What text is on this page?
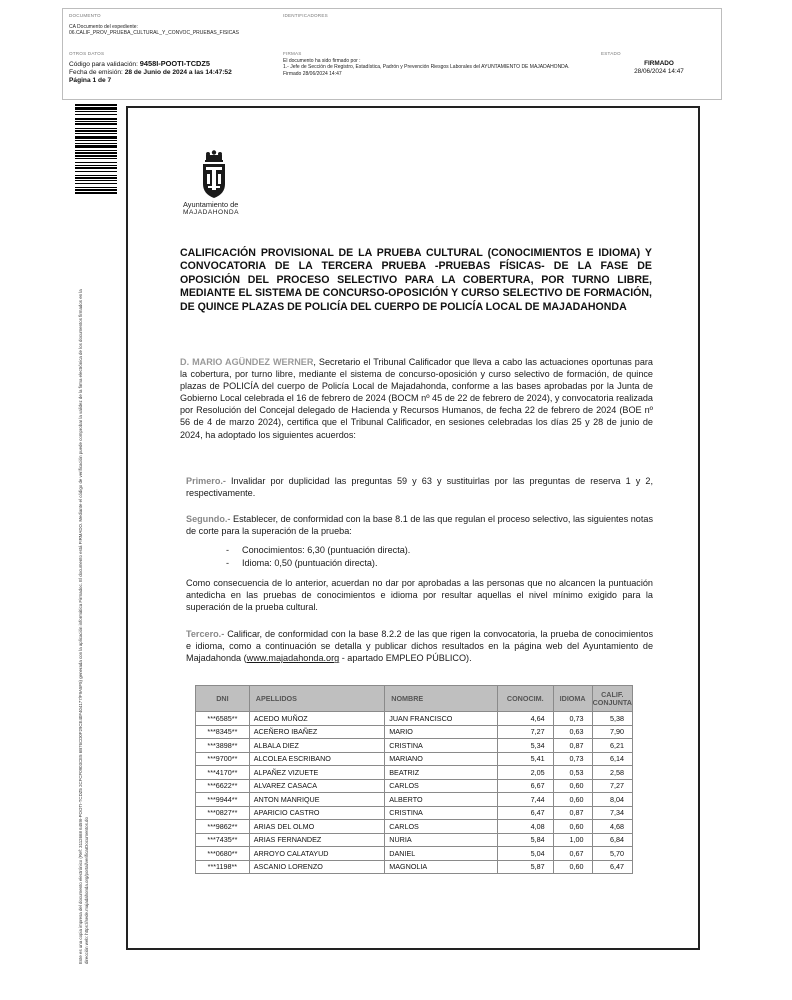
DOCUMENTO
CA Documento del expediente: 06.CALIF_PROV_PRUEBA_CULTURAL_Y_CONVOC_PRUEBAS_FISICAS
IDENTIFICADORES
OTROS DATOS
Código para validación: 9458I-POOTI-TCDZ5
Fecha de emisión: 28 de Junio de 2024 a las 14:47:52
Página 1 de 7
FIRMAS
El documento ha sido firmado por :
1.- Jefe de Sección de Registro, Estadística, Padrón y Prevención Riesgos Laborales del AYUNTAMIENTO DE MAJADAHONDA. Firmado 28/06/2024 14:47
ESTADO
FIRMADO
28/06/2024 14:47
Este es una copia impresa del documento electrónico (Ref: 3112668 6459I-POOTI-TCDZ5 2CFCF0903CE5 6B76CD0F29CE40F404177/F9A5F5) generada con la aplicación informática Firmadoc. El documento está FIRMADO. Mediante el código de verificación puede comprobar la validez de la firma electrónica de los documentos firmados en la dirección web: https://sede.majadahonda.org/portal/verificarDocumentos.do
Ayuntamiento de
MAJADAHONDA
CALIFICACIÓN PROVISIONAL DE LA PRUEBA CULTURAL (CONOCIMIENTOS E IDIOMA) Y CONVOCATORIA DE LA TERCERA PRUEBA -PRUEBAS FÍSICAS- DE LA FASE DE OPOSICIÓN DEL PROCESO SELECTIVO PARA LA COBERTURA, POR TURNO LIBRE, MEDIANTE EL SISTEMA DE CONCURSO-OPOSICIÓN Y CURSO SELECTIVO DE FORMACIÓN, DE QUINCE PLAZAS DE POLICÍA DEL CUERPO DE POLICÍA LOCAL DE MAJADAHONDA
D. MARIO AGÜNDEZ WERNER, Secretario el Tribunal Calificador que lleva a cabo las actuaciones oportunas para la cobertura, por turno libre, mediante el sistema de concurso-oposición y curso selectivo de formación, de quince plazas de POLICÍA del cuerpo de Policía Local de Majadahonda, conforme a las bases aprobadas por la Junta de Gobierno Local celebrada el 16 de febrero de 2024 (BOCM nº 45 de 22 de febrero de 2024), y convocatoria realizada por Resolución del Concejal delegado de Hacienda y Recursos Humanos, de fecha 22 de febrero de 2024 (BOE nº 56 de 4 de marzo 2024), certifica que el Tribunal Calificador, en sesiones celebradas los días 25 y 28 de junio de 2024, ha adoptado los siguientes acuerdos:
Primero.- Invalidar por duplicidad las preguntas 59 y 63 y sustituirlas por las preguntas de reserva 1 y 2, respectivamente.
Segundo.- Establecer, de conformidad con la base 8.1 de las que regulan el proceso selectivo, las siguientes notas de corte para la superación de la prueba:
- Conocimientos: 6,30 (puntuación directa).
- Idioma: 0,50 (puntuación directa).
Como consecuencia de lo anterior, acuerdan no dar por aprobadas a las personas que no alcancen la puntuación antedicha en las pruebas de conocimientos e idioma por resultar aquellas el nivel mínimo exigido para la superación de la prueba cultural.
Tercero.- Calificar, de conformidad con la base 8.2.2 de las que rigen la convocatoria, la prueba de conocimientos e idioma, como a continuación se detalla y publicar dichos resultados en la página web del Ayuntamiento de Majadahonda (www.majadahonda.org - apartado EMPLEO PÚBLICO).
DNI	APELLIDOS	NOMBRE	CONOCIM.	IDIOMA	CALIF. CONJUNTA
***6585**	ACEDO MUÑOZ	JUAN FRANCISCO	4,64	0,73	5,38
***8345**	ACEÑERO IBAÑEZ	MARIO	7,27	0,63	7,90
***3898**	ALBALA DIEZ	CRISTINA	5,34	0,87	6,21
***9700**	ALCOLEA ESCRIBANO	MARIANO	5,41	0,73	6,14
***4170**	ALPAÑEZ VIZUETE	BEATRIZ	2,05	0,53	2,58
***6622**	ALVAREZ CASACA	CARLOS	6,67	0,60	7,27
***9944**	ANTON MANRIQUE	ALBERTO	7,44	0,60	8,04
***0827**	APARICIO CASTRO	CRISTINA	6,47	0,87	7,34
***9862**	ARIAS DEL OLMO	CARLOS	4,08	0,60	4,68
***7435**	ARIAS FERNANDEZ	NURIA	5,84	1,00	6,84
***0680**	ARROYO CALATAYUD	DANIEL	5,04	0,67	5,70
***1198**	ASCANIO LORENZO	MAGNOLIA	5,87	0,60	6,47
